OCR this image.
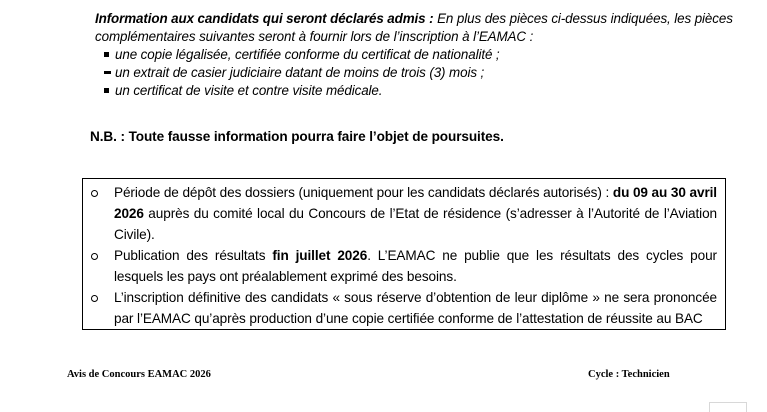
Information aux candidats qui seront déclarés admis : En plus des pièces ci-dessus indiquées, les pièces complémentaires suivantes seront à fournir lors de l’inscription à l’EAMAC :

une copie légalisée, certifiée conforme du certificat de nationalité ;
un extrait de casier judiciaire datant de moins de trois (3) mois ;
un certificat de visite et contre visite médicale.

N.B. : Toute fausse information pourra faire l’objet de poursuites.

Période de dépôt des dossiers (uniquement pour les candidats déclarés autorisés) : du 09 au 30 avril 2026 auprès du comité local du Concours de l’Etat de résidence (s’adresser à l’Autorité de l’Aviation Civile).
Publication des résultats fin juillet 2026. L’EAMAC ne publie que les résultats des cycles pour lesquels les pays ont préalablement exprimé des besoins.
L’inscription définitive des candidats « sous réserve d’obtention de leur diplôme » ne sera prononcée par l’EAMAC qu’après production d’une copie certifiée conforme de l’attestation de réussite au BAC

Avis de Concours EAMAC 2026	Cycle : Technicien
